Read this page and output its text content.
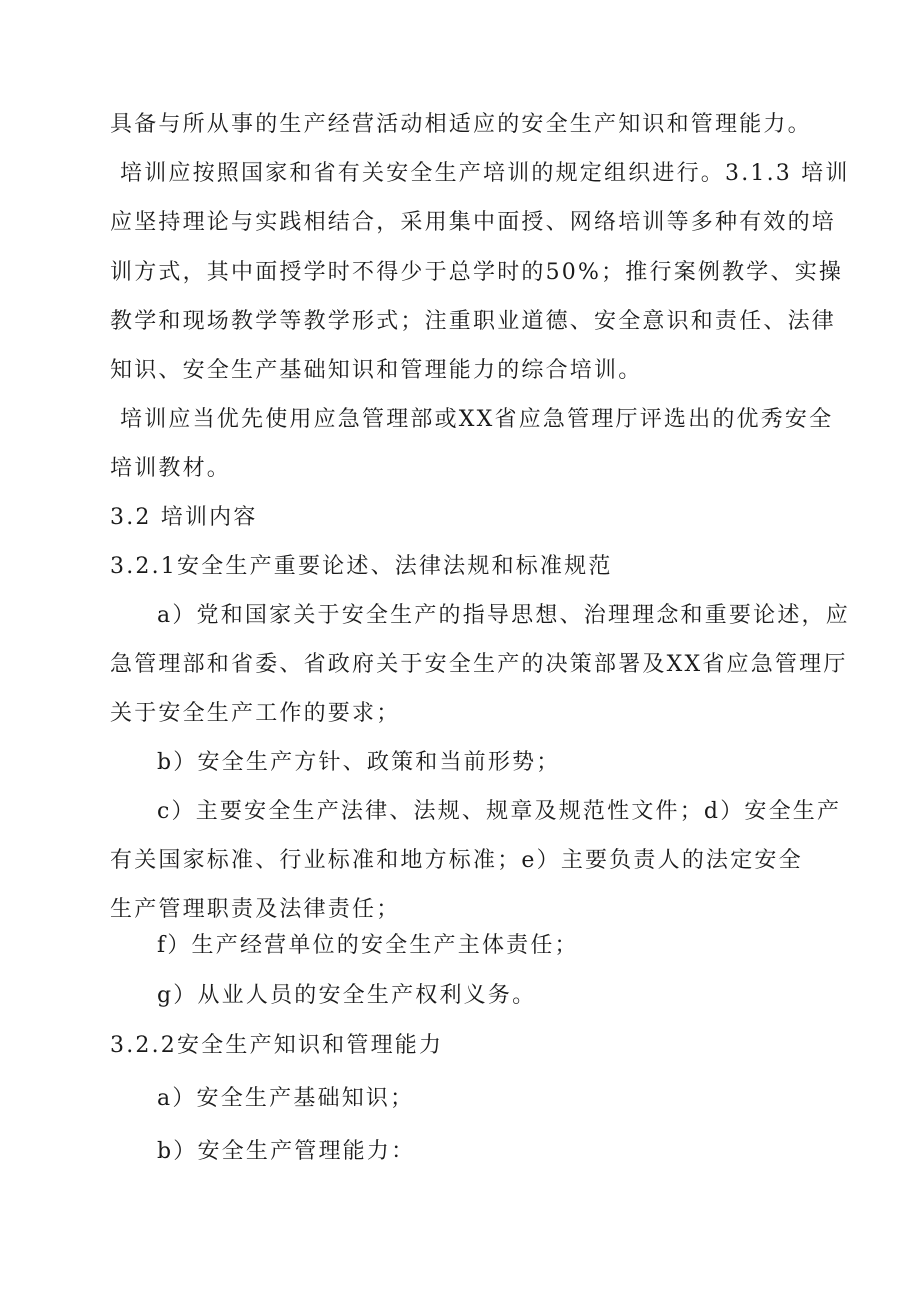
具备与所从事的生产经营活动相适应的安全生产知识和管理能力。
培训应按照国家和省有关安全生产培训的规定组织进行。3.1.3 培训
应坚持理论与实践相结合，采用集中面授、网络培训等多种有效的培
训方式，其中面授学时不得少于总学时的50%；推行案例教学、实操
教学和现场教学等教学形式；注重职业道德、安全意识和责任、法律
知识、安全生产基础知识和管理能力的综合培训。
培训应当优先使用应急管理部或XX省应急管理厅评选出的优秀安全
培训教材。
3.2 培训内容
3.2.1安全生产重要论述、法律法规和标准规范
a）党和国家关于安全生产的指导思想、治理理念和重要论述，应
急管理部和省委、省政府关于安全生产的决策部署及XX省应急管理厅
关于安全生产工作的要求；
b）安全生产方针、政策和当前形势；
c）主要安全生产法律、法规、规章及规范性文件；d）安全生产
有关国家标准、行业标准和地方标准；e）主要负责人的法定安全
生产管理职责及法律责任；
f）生产经营单位的安全生产主体责任；
g）从业人员的安全生产权利义务。
3.2.2安全生产知识和管理能力
a）安全生产基础知识；
b）安全生产管理能力：
